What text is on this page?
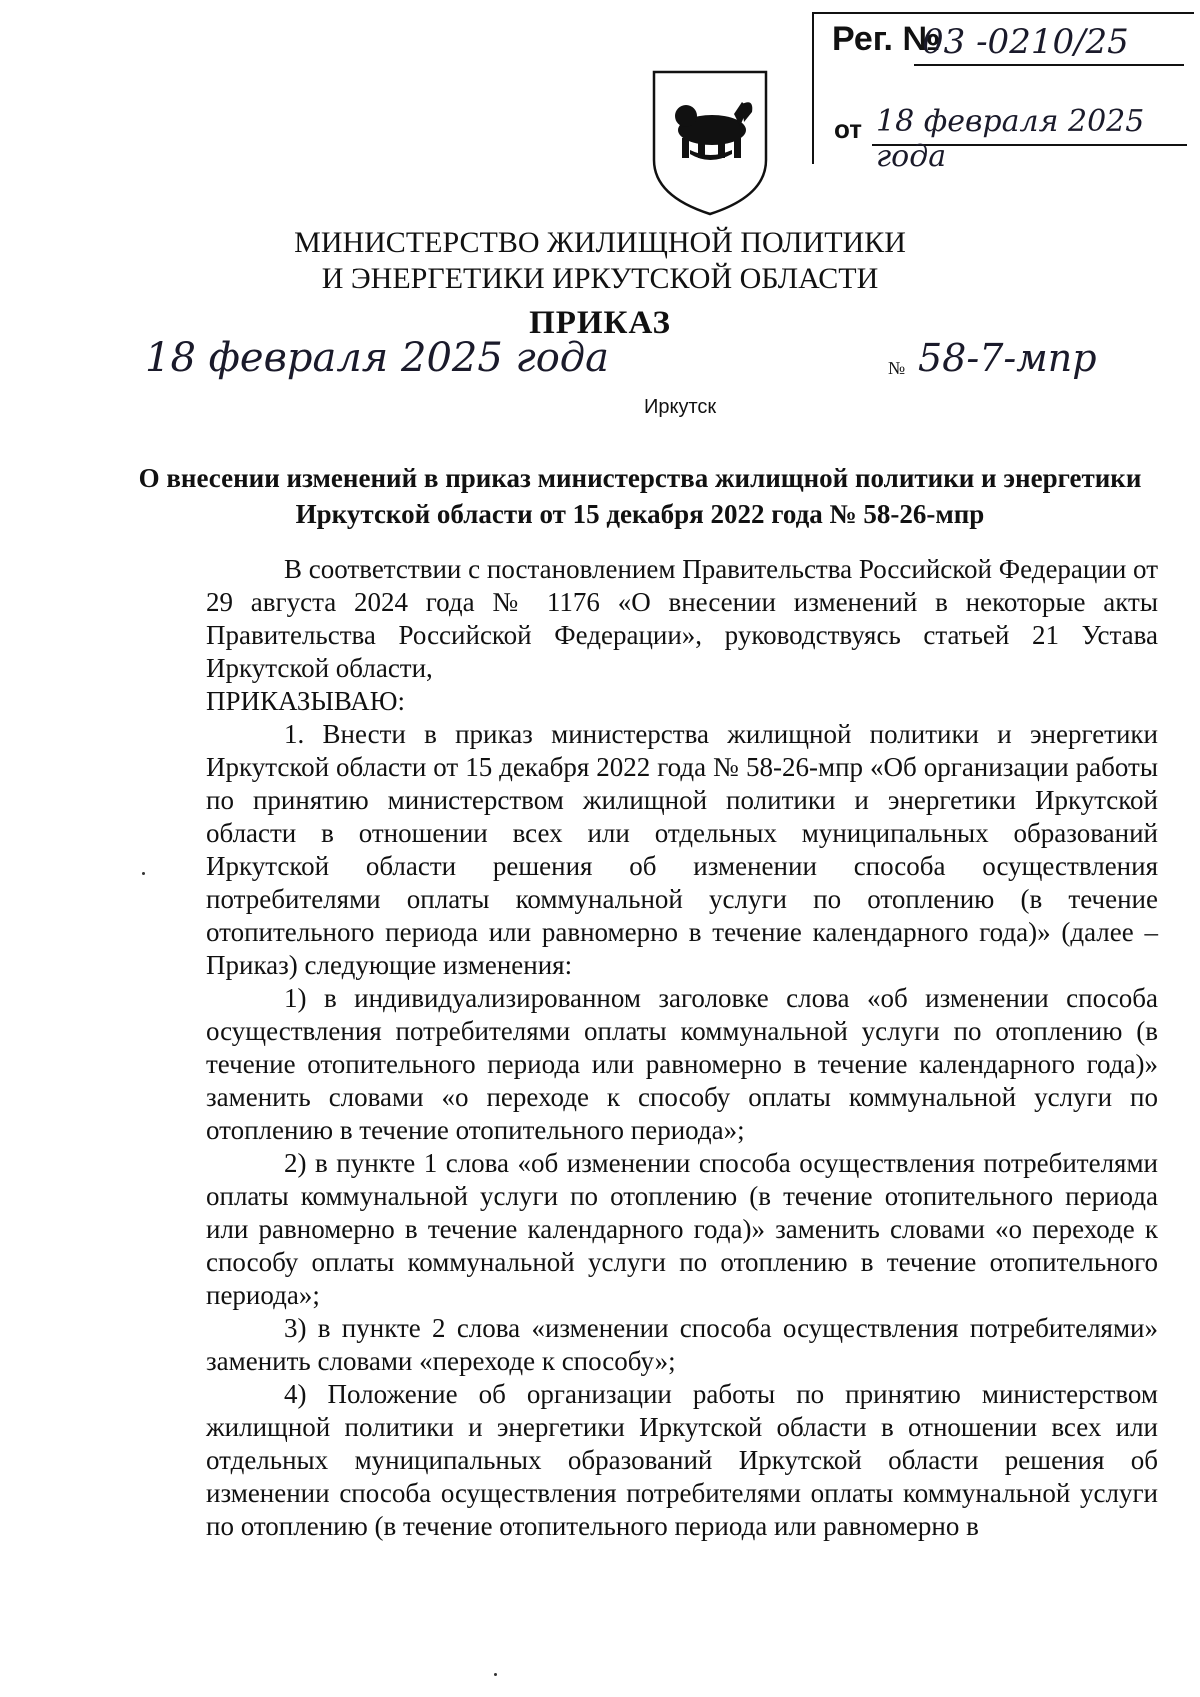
Рег. №
03 -0210/25
от 18 февраля 2025 года
МИНИСТЕРСТВО ЖИЛИЩНОЙ ПОЛИТИКИ
И ЭНЕРГЕТИКИ ИРКУТСКОЙ ОБЛАСТИ
ПРИКАЗ
18 февраля 2025 года	№ 58-7-мпр
Иркутск
О внесении изменений в приказ министерства жилищной политики и энергетики Иркутской области от 15 декабря 2022 года № 58-26-мпр

В соответствии с постановлением Правительства Российской Федерации от 29 августа 2024 года № 1176 «О внесении изменений в некоторые акты Правительства Российской Федерации», руководствуясь статьей 21 Устава Иркутской области,

ПРИКАЗЫВАЮ:

1. Внести в приказ министерства жилищной политики и энергетики Иркутской области от 15 декабря 2022 года № 58-26-мпр «Об организации работы по принятию министерством жилищной политики и энергетики Иркутской области в отношении всех или отдельных муниципальных образований Иркутской области решения об изменении способа осуществления потребителями оплаты коммунальной услуги по отоплению (в течение отопительного периода или равномерно в течение календарного года)» (далее – Приказ) следующие изменения:

1) в индивидуализированном заголовке слова «об изменении способа осуществления потребителями оплаты коммунальной услуги по отоплению (в течение отопительного периода или равномерно в течение календарного года)» заменить словами «о переходе к способу оплаты коммунальной услуги по отоплению в течение отопительного периода»;

2) в пункте 1 слова «об изменении способа осуществления потребителями оплаты коммунальной услуги по отоплению (в течение отопительного периода или равномерно в течение календарного года)» заменить словами «о переходе к способу оплаты коммунальной услуги по отоплению в течение отопительного периода»;

3) в пункте 2 слова «изменении способа осуществления потребителями» заменить словами «переходе к способу»;

4) Положение об организации работы по принятию министерством жилищной политики и энергетики Иркутской области в отношении всех или отдельных муниципальных образований Иркутской области решения об изменении способа осуществления потребителями оплаты коммунальной услуги по отоплению (в течение отопительного периода или равномерно в
